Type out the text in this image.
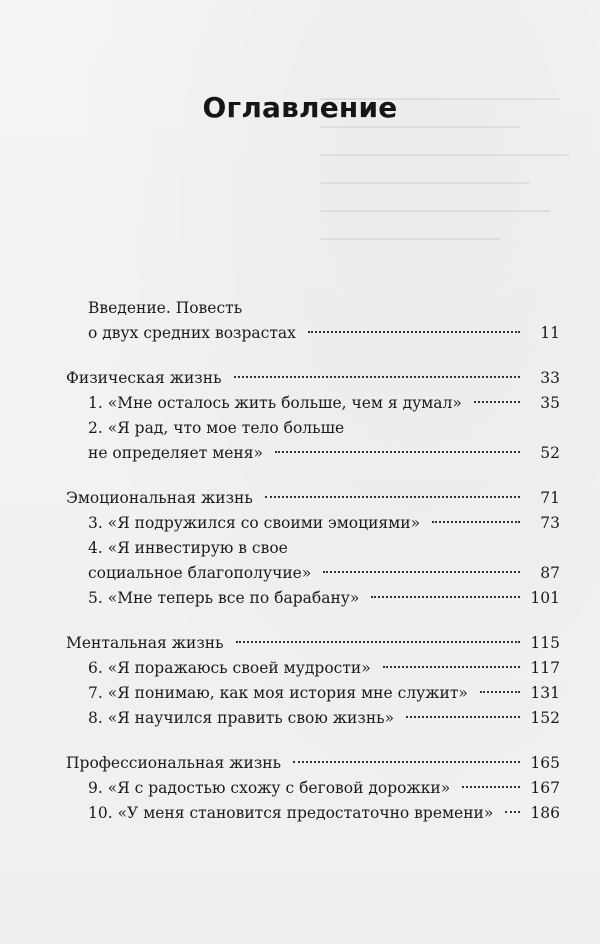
Оглавление
Введение. Повесть
о двух средних возрастах	11
Физическая жизнь	33
1. «Мне осталось жить больше, чем я думал»	35
2. «Я рад, что мое тело больше
не определяет меня»	52
Эмоциональная жизнь	71
3. «Я подружился со своими эмоциями»	73
4. «Я инвестирую в свое
социальное благополучие»	87
5. «Мне теперь все по барабану»	101
Ментальная жизнь	115
6. «Я поражаюсь своей мудрости»	117
7. «Я понимаю, как моя история мне служит»	131
8. «Я научился править свою жизнь»	152
Профессиональная жизнь	165
9. «Я с радостью схожу с беговой дорожки»	167
10. «У меня становится предостаточно времени» 186
